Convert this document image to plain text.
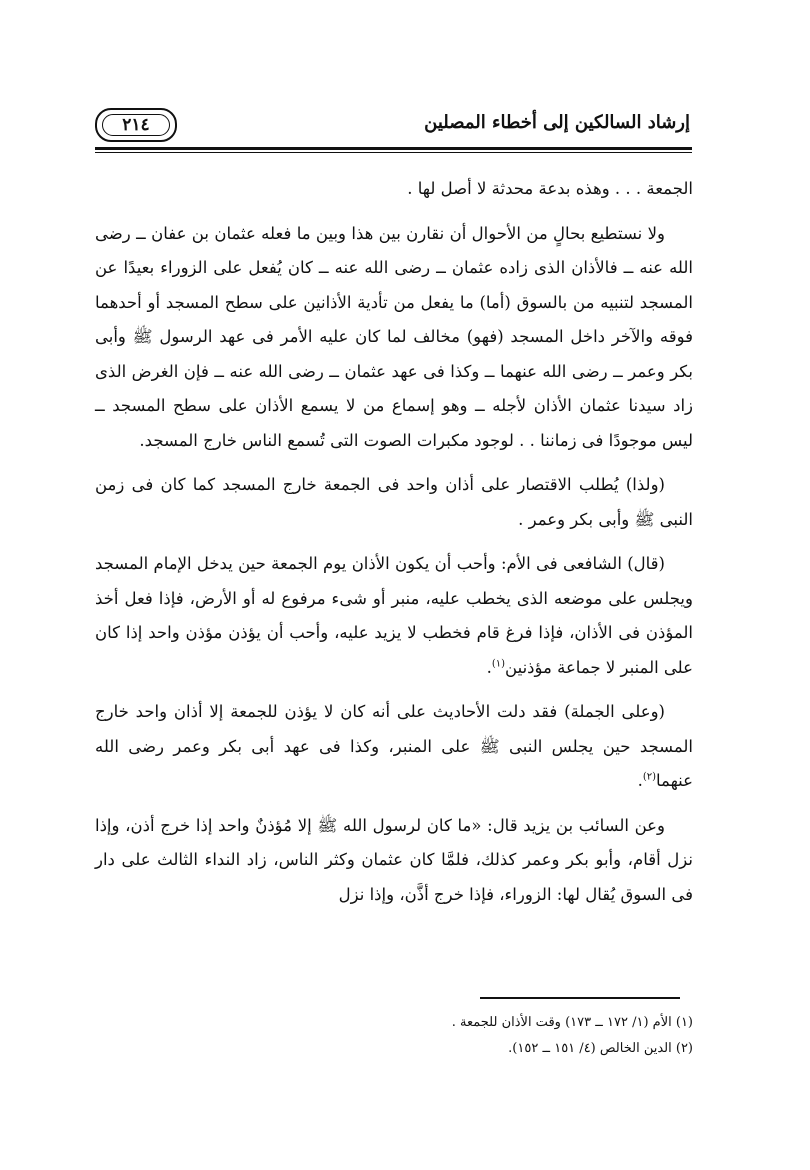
إرشاد السالكين إلى أخطاء المصلين
٢١٤

الجمعة . . . وهذه بدعة محدثة لا أصل لها .

ولا نستطيع بحالٍ من الأحوال أن نقارن بين هذا وبين ما فعله عثمان بن عفان ــ رضى الله عنه ــ فالأذان الذى زاده عثمان ــ رضى الله عنه ــ كان يُفعل على الزوراء بعيدًا عن المسجد لتنبيه من بالسوق (أما) ما يفعل من تأدية الأذانين على سطح المسجد أو أحدهما فوقه والآخر داخل المسجد (فهو) مخالف لما كان عليه الأمر فى عهد الرسول ﷺ وأبى بكر وعمر ــ رضى الله عنهما ــ وكذا فى عهد عثمان ــ رضى الله عنه ــ فإن الغرض الذى زاد سيدنا عثمان الأذان لأجله ــ وهو إسماع من لا يسمع الأذان على سطح المسجد ــ ليس موجودًا فى زماننا . . لوجود مكبرات الصوت التى تُسمع الناس خارج المسجد.

(ولذا) يُطلب الاقتصار على أذان واحد فى الجمعة خارج المسجد كما كان فى زمن النبى ﷺ وأبى بكر وعمر .

(قال) الشافعى فى الأم: وأحب أن يكون الأذان يوم الجمعة حين يدخل الإمام المسجد ويجلس على موضعه الذى يخطب عليه، منبر أو شىء مرفوع له أو الأرض، فإذا فعل أخذ المؤذن فى الأذان، فإذا فرغ قام فخطب لا يزيد عليه، وأحب أن يؤذن مؤذن واحد إذا كان على المنبر لا جماعة مؤذنين$^{(١)}$.

(وعلى الجملة) فقد دلت الأحاديث على أنه كان لا يؤذن للجمعة إلا أذان واحد خارج المسجد حين يجلس النبى ﷺ على المنبر، وكذا فى عهد أبى بكر وعمر رضى الله عنهما$^{(٢)}$.

وعن السائب بن يزيد قال: «ما كان لرسول الله ﷺ إلا مُؤذنٌ واحد إذا خرج أذن، وإذا نزل أقام، وأبو بكر وعمر كذلك، فلمَّا كان عثمان وكثر الناس، زاد النداء الثالث على دار فى السوق يُقال لها: الزوراء، فإذا خرج أذَّن، وإذا نزل

(١) الأم (١/ ١٧٢ ــ ١٧٣) وقت الأذان للجمعة .

(٢) الدين الخالص (٤/ ١٥١ ــ ١٥٢).
